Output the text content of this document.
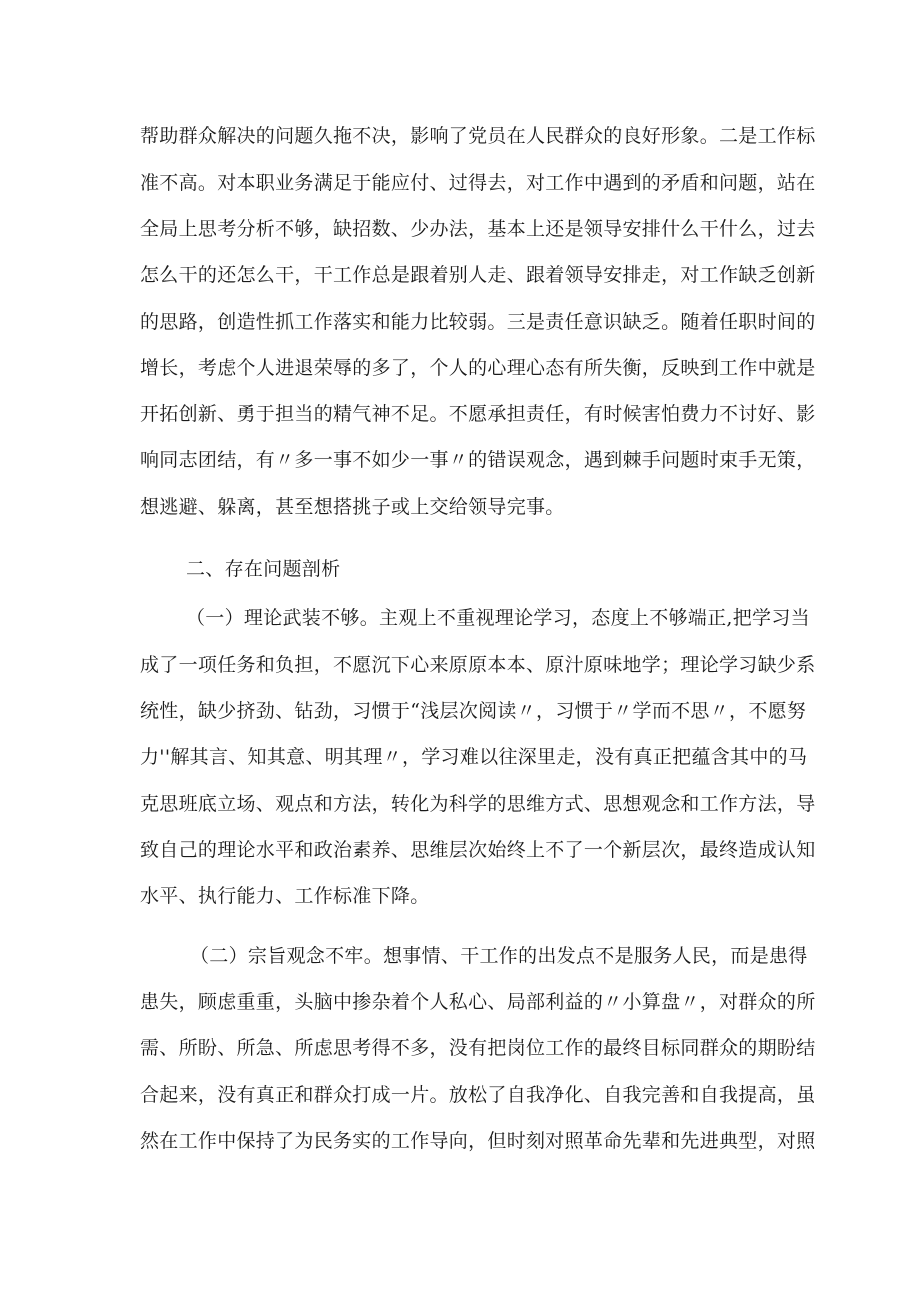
帮助群众解决的问题久拖不决，影响了党员在人民群众的良好形象。二是工作标
准不高。对本职业务满足于能应付、过得去，对工作中遇到的矛盾和问题，站在
全局上思考分析不够，缺招数、少办法，基本上还是领导安排什么干什么，过去
怎么干的还怎么干，干工作总是跟着别人走、跟着领导安排走，对工作缺乏创新
的思路，创造性抓工作落实和能力比较弱。三是责任意识缺乏。随着任职时间的
增长，考虑个人进退荣辱的多了，个人的心理心态有所失衡，反映到工作中就是
开拓创新、勇于担当的精气神不足。不愿承担责任，有时候害怕费力不讨好、影
响同志团结，有〃多一事不如少一事〃的错误观念，遇到棘手问题时束手无策，
想逃避、躲离，甚至想搭挑子或上交给领导完事。
二、存在问题剖析
（一）理论武装不够。主观上不重视理论学习，态度上不够端正,把学习当
成了一项任务和负担，不愿沉下心来原原本本、原汁原味地学；理论学习缺少系
统性，缺少挤劲、钻劲，习惯于“浅层次阅读〃，习惯于〃学而不思〃，不愿努
力''解其言、知其意、明其理〃，学习难以往深里走，没有真正把蕴含其中的马
克思班底立场、观点和方法，转化为科学的思维方式、思想观念和工作方法，导
致自己的理论水平和政治素养、思维层次始终上不了一个新层次，最终造成认知
水平、执行能力、工作标准下降。
（二）宗旨观念不牢。想事情、干工作的出发点不是服务人民，而是患得
患失，顾虑重重，头脑中掺杂着个人私心、局部利益的〃小算盘〃，对群众的所
需、所盼、所急、所虑思考得不多，没有把岗位工作的最终目标同群众的期盼结
合起来，没有真正和群众打成一片。放松了自我净化、自我完善和自我提高，虽
然在工作中保持了为民务实的工作导向，但时刻对照革命先辈和先进典型，对照
